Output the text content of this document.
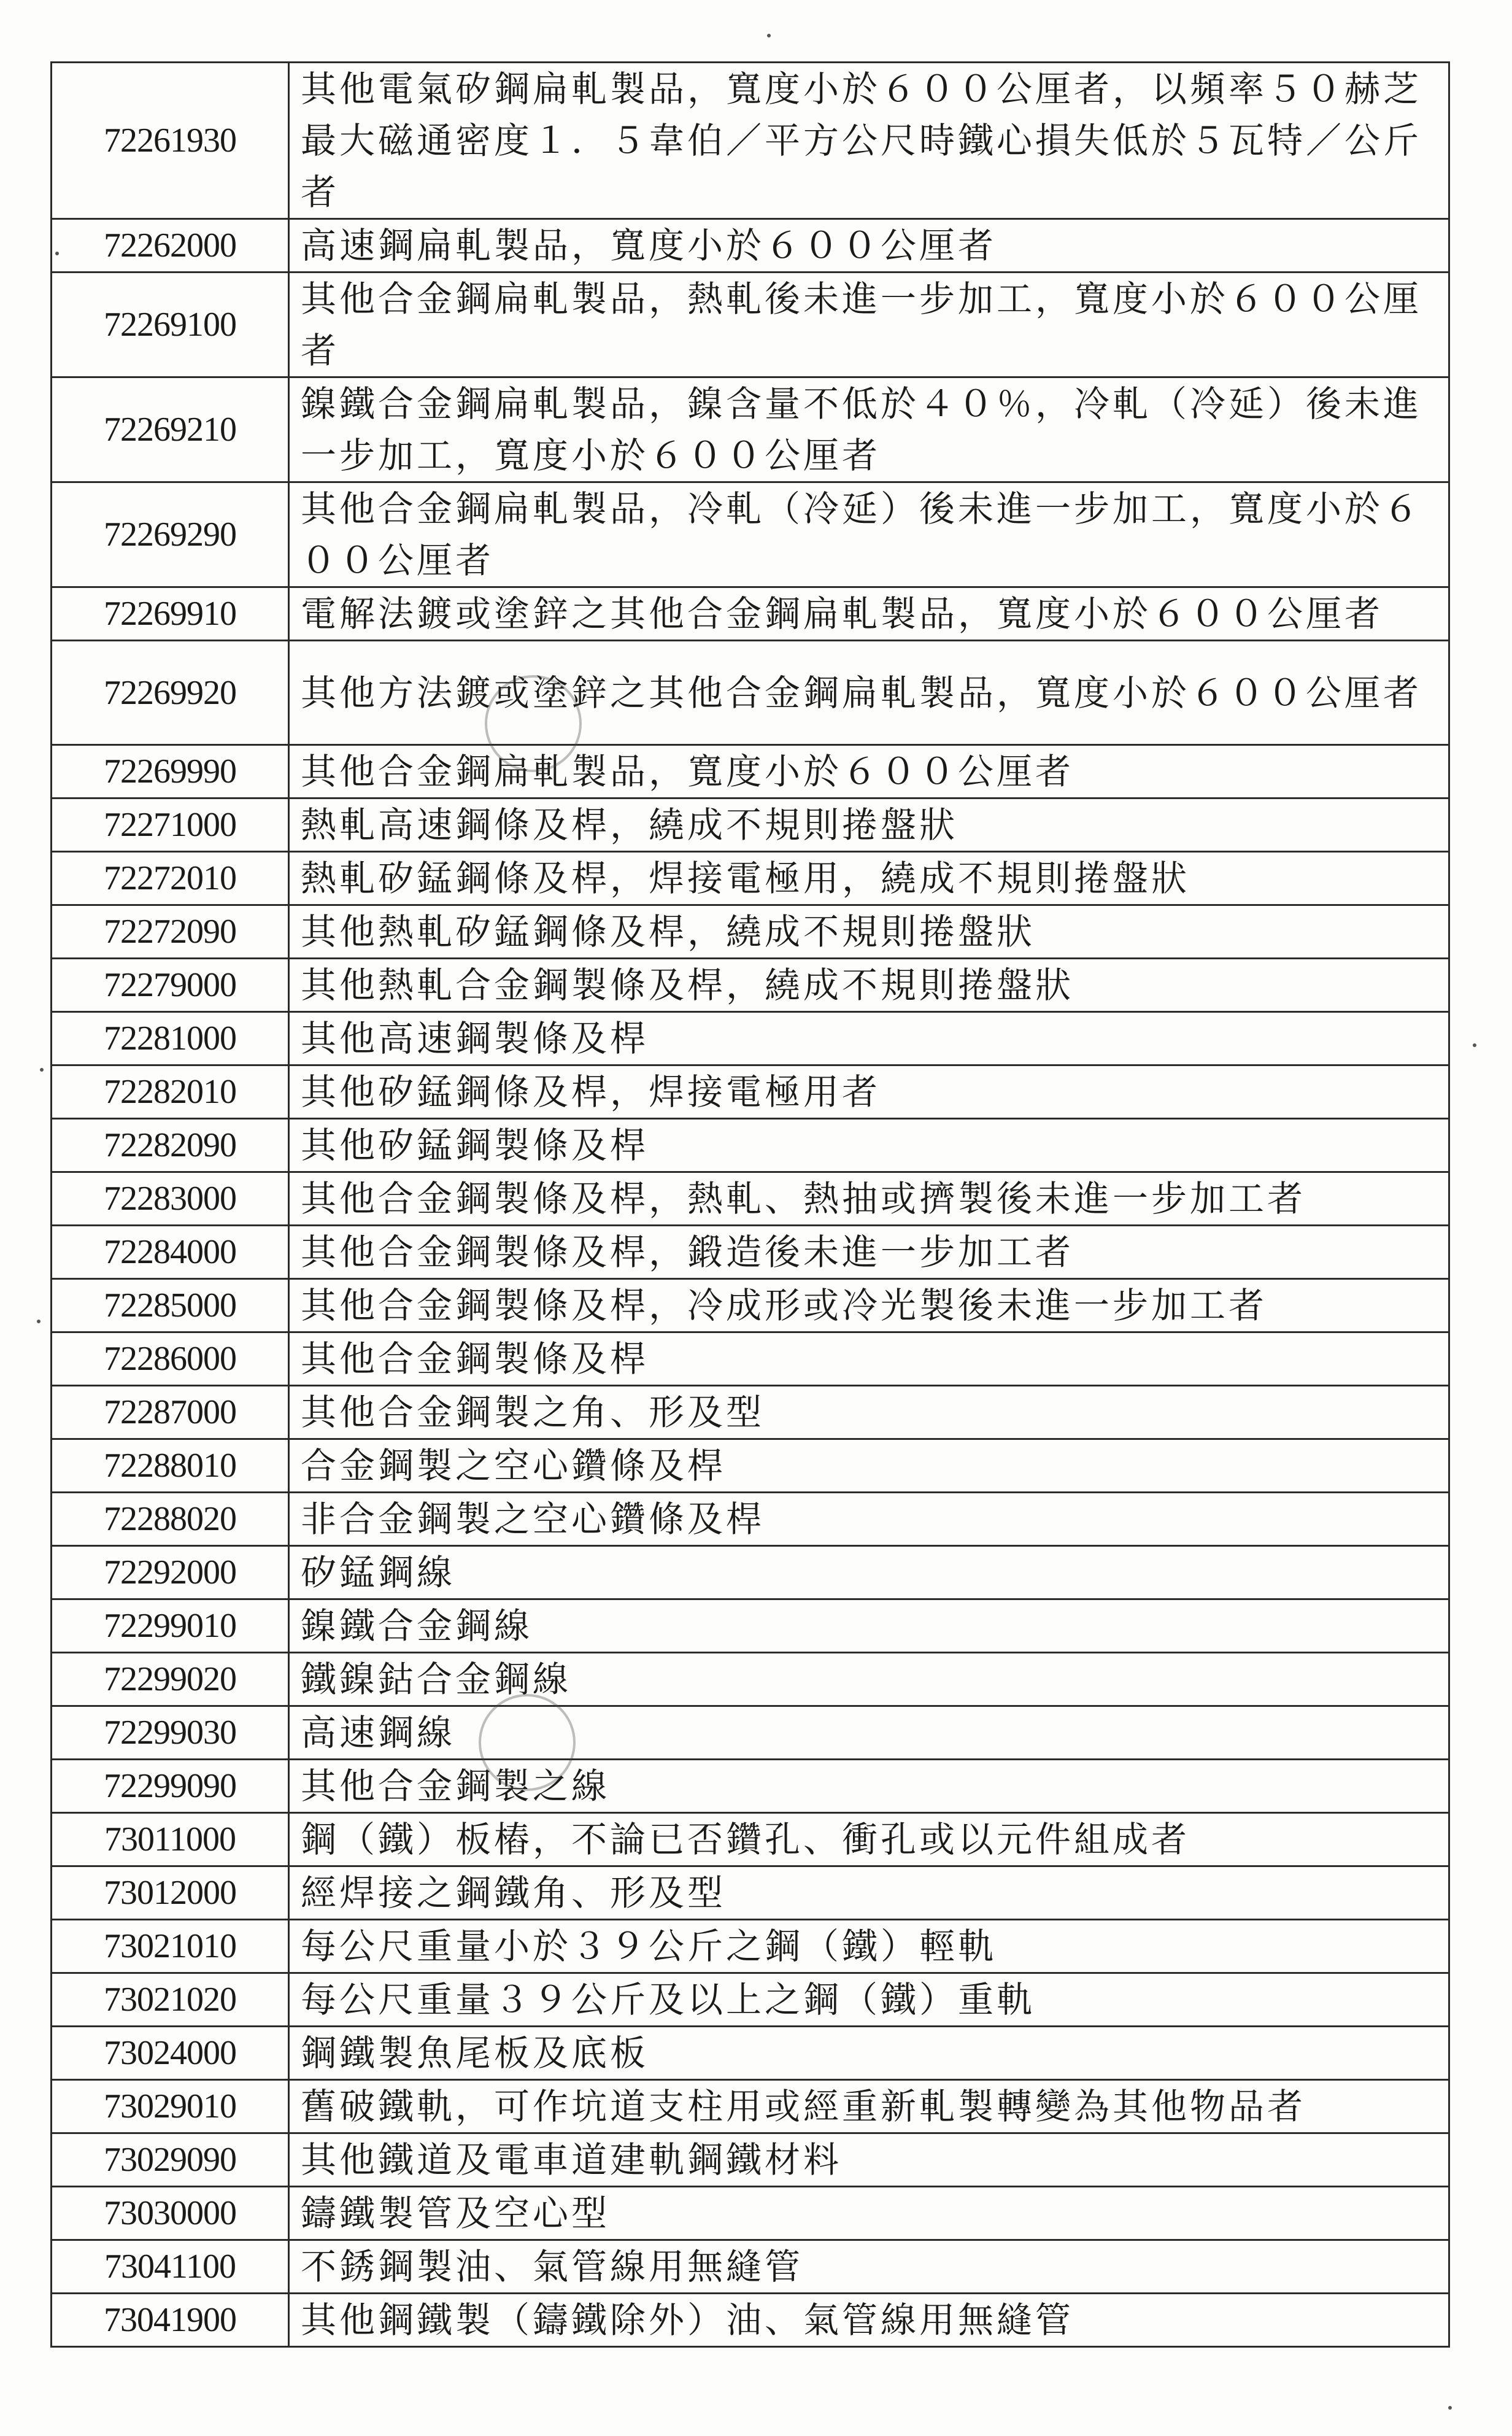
72261930	其他電氣矽鋼扁軋製品，寬度小於６００公厘者，以頻率５０赫芝最大磁通密度１．５韋伯／平方公尺時鐵心損失低於５瓦特／公斤者
72262000	高速鋼扁軋製品，寬度小於６００公厘者
72269100	其他合金鋼扁軋製品，熱軋後未進一步加工，寬度小於６００公厘者
72269210	鎳鐵合金鋼扁軋製品，鎳含量不低於４０％，冷軋（冷延）後未進一步加工，寬度小於６００公厘者
72269290	其他合金鋼扁軋製品，冷軋（冷延）後未進一步加工，寬度小於６００公厘者
72269910	電解法鍍或塗鋅之其他合金鋼扁軋製品，寬度小於６００公厘者
72269920	其他方法鍍或塗鋅之其他合金鋼扁軋製品，寬度小於６００公厘者
72269990	其他合金鋼扁軋製品，寬度小於６００公厘者
72271000	熱軋高速鋼條及桿，繞成不規則捲盤狀
72272010	熱軋矽錳鋼條及桿，焊接電極用，繞成不規則捲盤狀
72272090	其他熱軋矽錳鋼條及桿，繞成不規則捲盤狀
72279000	其他熱軋合金鋼製條及桿，繞成不規則捲盤狀
72281000	其他高速鋼製條及桿
72282010	其他矽錳鋼條及桿，焊接電極用者
72282090	其他矽錳鋼製條及桿
72283000	其他合金鋼製條及桿，熱軋、熱抽或擠製後未進一步加工者
72284000	其他合金鋼製條及桿，鍛造後未進一步加工者
72285000	其他合金鋼製條及桿，冷成形或冷光製後未進一步加工者
72286000	其他合金鋼製條及桿
72287000	其他合金鋼製之角、形及型
72288010	合金鋼製之空心鑽條及桿
72288020	非合金鋼製之空心鑽條及桿
72292000	矽錳鋼線
72299010	鎳鐵合金鋼線
72299020	鐵鎳鈷合金鋼線
72299030	高速鋼線
72299090	其他合金鋼製之線
73011000	鋼（鐵）板樁，不論已否鑽孔、衝孔或以元件組成者
73012000	經焊接之鋼鐵角、形及型
73021010	每公尺重量小於３９公斤之鋼（鐵）輕軌
73021020	每公尺重量３９公斤及以上之鋼（鐵）重軌
73024000	鋼鐵製魚尾板及底板
73029010	舊破鐵軌，可作坑道支柱用或經重新軋製轉變為其他物品者
73029090	其他鐵道及電車道建軌鋼鐵材料
73030000	鑄鐵製管及空心型
73041100	不銹鋼製油、氣管線用無縫管
73041900	其他鋼鐵製（鑄鐵除外）油、氣管線用無縫管
